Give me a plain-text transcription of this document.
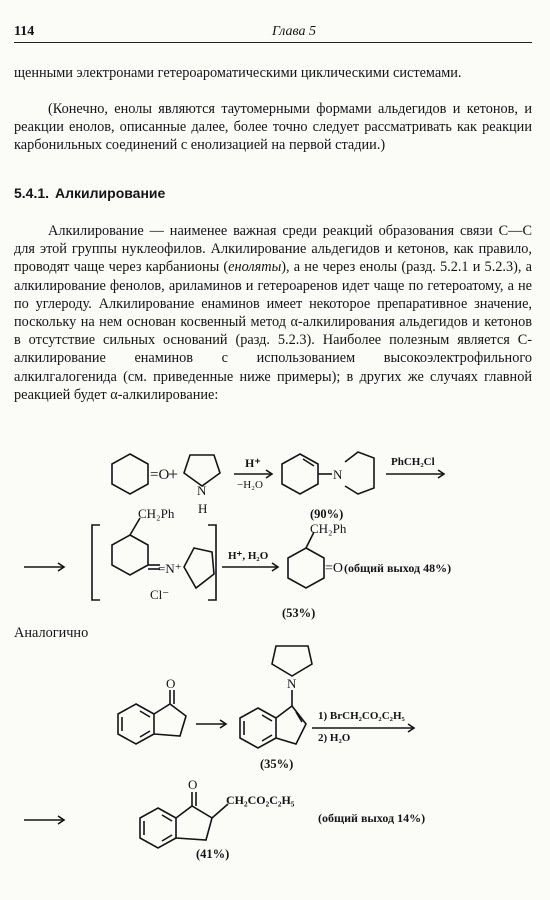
114	Глава 5

щенными электронами гетероароматическими циклическими системами.

(Конечно, енолы являются таутомерными формами альдегидов и кетонов, и реакции енолов, описанные далее, более точно следует рассматривать как реакции карбонильных соединений с енолизацией на первой стадии.)

5.4.1. Алкилирование

Алкилирование — наименее важная среди реакций образования связи С—С для этой группы нуклеофилов. Алкилирование альдегидов и кетонов, как правило, проводят чаще через карбанионы (еноляты), а не через енолы (разд. 5.2.1 и 5.2.3), а алкилирование фенолов, ариламинов и гетероаренов идет чаще по гетероатому, а не по углероду. Алкилирование енаминов имеет некоторое препаративное значение, поскольку на нем основан косвенный метод α-алкилирования альдегидов и кетонов в отсутствие сильных оснований (разд. 5.2.3). Наиболее полезным является С-алкилирование енаминов с использованием высокоэлектрофильного алкилгалогенида (см. приведенные ниже примеры); в других же случаях главной реакцией будет α-алкилирование:

=O
+
N
H
H⁺
−H₂O
N
PhCH₂Cl
(90%)
CH₂Ph
=N⁺
Cl⁻
H⁺, H₂O
CH₂Ph
=O (общий выход 48%)
(53%)
O	N
1) BrCH₂CO₂C₂H₅
2) H₂O
(35%)
O
CH₂CO₂C₂H₅
(общий выход 14%)
(41%)
Аналогично
